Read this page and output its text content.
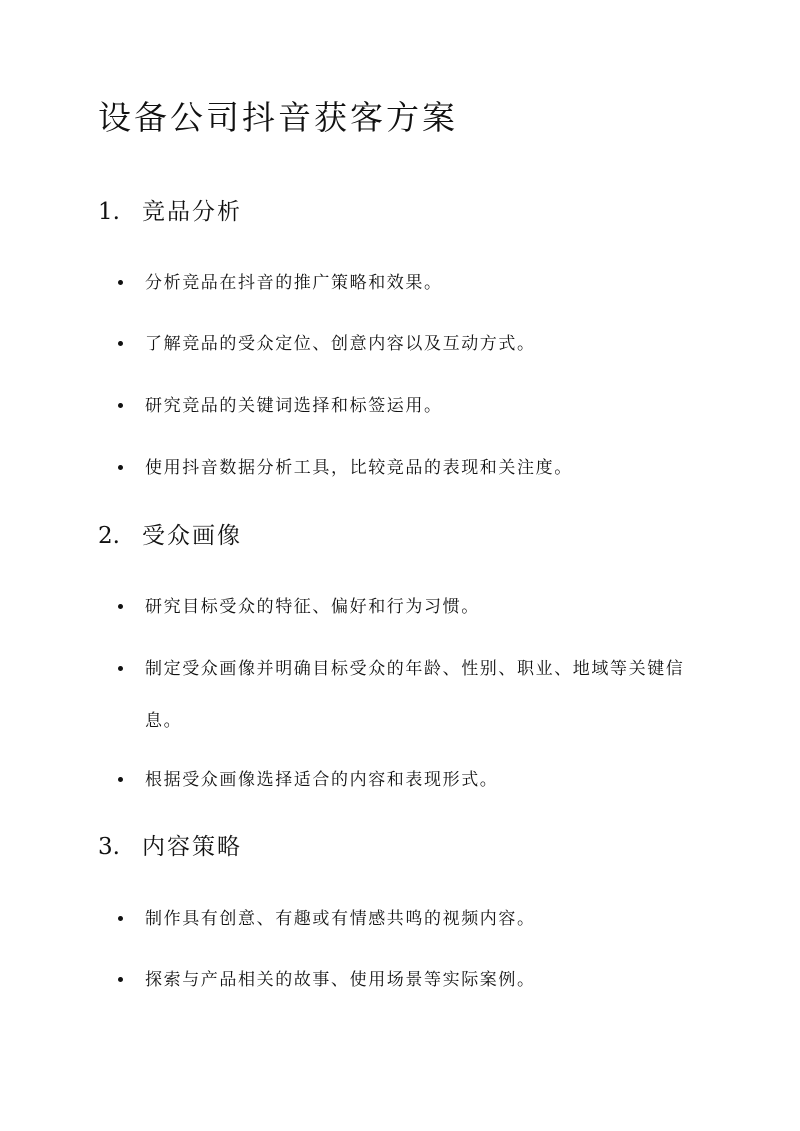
设备公司抖音获客方案
1. 竞品分析
分析竞品在抖音的推广策略和效果。
了解竞品的受众定位、创意内容以及互动方式。
研究竞品的关键词选择和标签运用。
使用抖音数据分析工具，比较竞品的表现和关注度。
2. 受众画像
研究目标受众的特征、偏好和行为习惯。
制定受众画像并明确目标受众的年龄、性别、职业、地域等关键信息。
根据受众画像选择适合的内容和表现形式。
3. 内容策略
制作具有创意、有趣或有情感共鸣的视频内容。
探索与产品相关的故事、使用场景等实际案例。
